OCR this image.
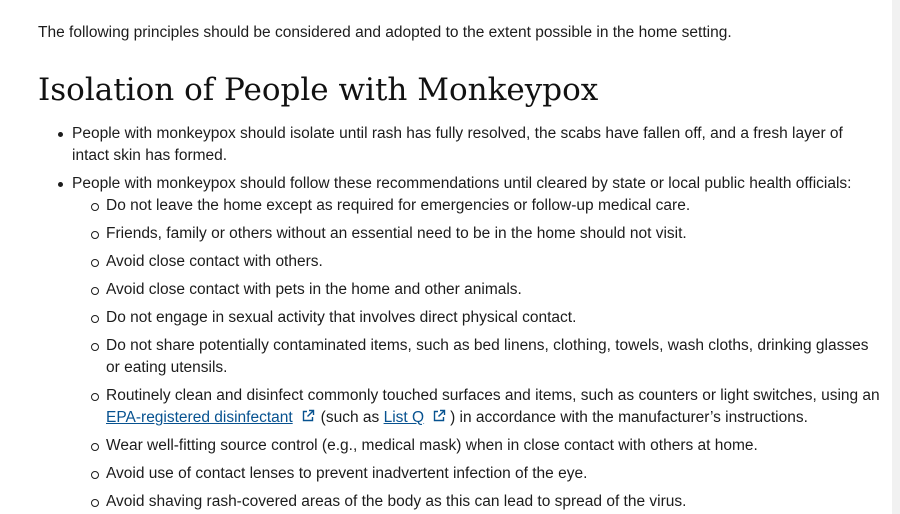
The following principles should be considered and adopted to the extent possible in the home setting.

Isolation of People with Monkeypox
People with monkeypox should isolate until rash has fully resolved, the scabs have fallen off, and a fresh layer of intact skin has formed.
People with monkeypox should follow these recommendations until cleared by state or local public health officials:
Do not leave the home except as required for emergencies or follow-up medical care.
Friends, family or others without an essential need to be in the home should not visit.
Avoid close contact with others.
Avoid close contact with pets in the home and other animals.
Do not engage in sexual activity that involves direct physical contact.
Do not share potentially contaminated items, such as bed linens, clothing, towels, wash cloths, drinking glasses or eating utensils.
Routinely clean and disinfect commonly touched surfaces and items, such as counters or light switches, using an EPA-registered disinfectant (such as List Q ) in accordance with the manufacturer’s instructions.
Wear well-fitting source control (e.g., medical mask) when in close contact with others at home.
Avoid use of contact lenses to prevent inadvertent infection of the eye.
Avoid shaving rash-covered areas of the body as this can lead to spread of the virus.
